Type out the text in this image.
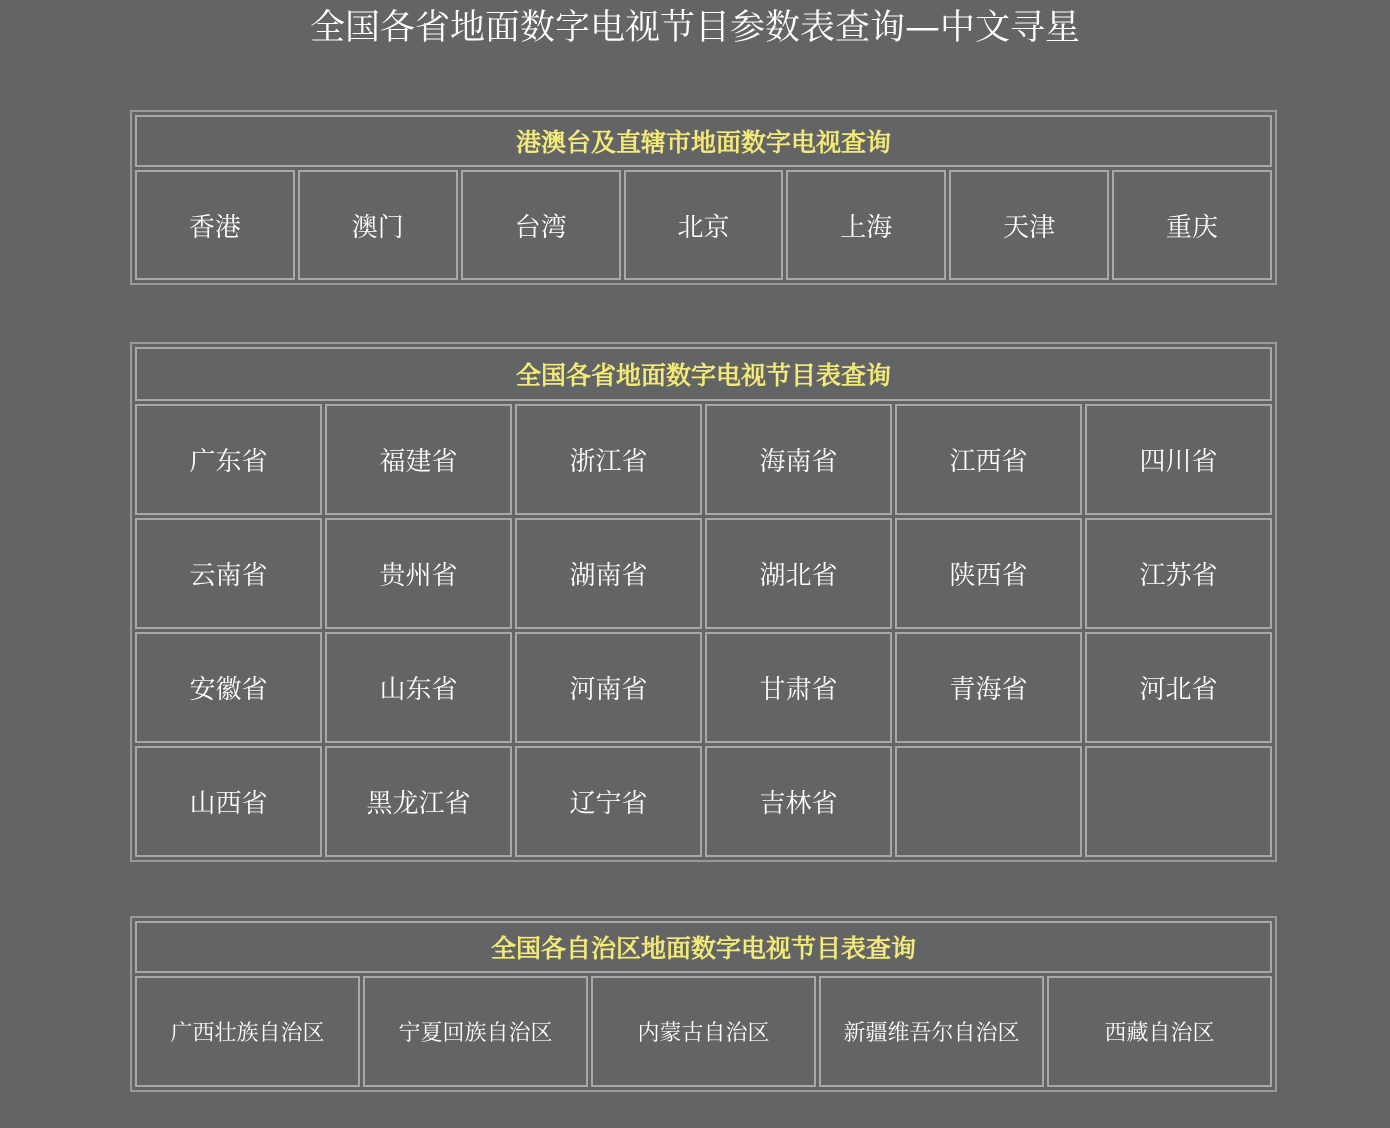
全国各省地面数字电视节目参数表查询—中文寻星
港澳台及直辖市地面数字电视查询
香港	澳门	台湾	北京	上海	天津	重庆
全国各省地面数字电视节目表查询					
广东省	福建省	浙江省	海南省	江西省	四川省
云南省	贵州省	湖南省	湖北省	陕西省	江苏省
安徽省	山东省	河南省	甘肃省	青海省	河北省
山西省	黑龙江省	辽宁省	吉林省		
全国各自治区地面数字电视节目表查询
广西壮族自治区	宁夏回族自治区	内蒙古自治区	新疆维吾尔自治区	西藏自治区
